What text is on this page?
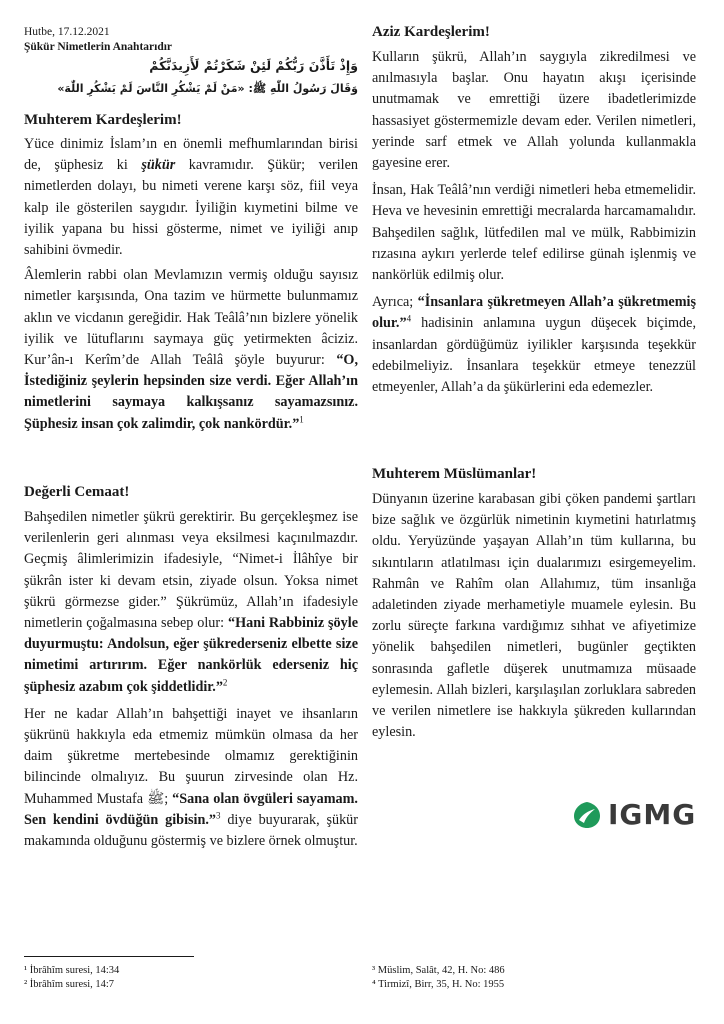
Hutbe, 17.12.2021
Şükür Nimetlerin Anahtarıdır
وَإِذْ تَأَذَّنَ رَبُّكُمْ لَئِنْ شَكَرْتُمْ لَأَزِيدَنَّكُمْ
وَقَالَ رَسُولُ اللّٰهِ ﷺ: «مَنْ لَمْ يَشْكُرِ النَّاسَ لَمْ يَشْكُرِ اللّٰهَ»
Muhterem Kardeşlerim!

Yüce dinimiz İslam’ın en önemli mefhumlarından birisi de, şüphesiz ki şükür kavramıdır. Şükür; verilen nimetlerden dolayı, bu nimeti verene karşı söz, fiil veya kalp ile gösterilen saygıdır. İyiliğin kıymetini bilme ve iyilik yapana bu hissi gösterme, nimet ve iyiliği anıp sahibini övmedir.

Âlemlerin rabbi olan Mevlamızın vermiş olduğu sayısız nimetler karşısında, Ona tazim ve hürmette bulunmamız aklın ve vicdanın gereğidir. Hak Teâlâ’nın bizlere yönelik iyilik ve lütuflarını saymaya güç yetirmekten âciziz. Kur’ân-ı Kerîm’de Allah Teâlâ şöyle buyurur: “O, İstediğiniz şeylerin hepsinden size verdi. Eğer Allah’ın nimetlerini saymaya kalkışsanız sayamazsınız. Şüphesiz insan çok zalimdir, çok nankördür.”$^1$

Değerli Cemaat!

Bahşedilen nimetler şükrü gerektirir. Bu gerçekleşmez ise verilenlerin geri alınması veya eksilmesi kaçınılmazdır. Geçmiş âlimlerimizin ifadesiyle, “Nimet-i İlâhîye bir şükrân ister ki devam etsin, ziyade olsun. Yoksa nimet şükrü görmezse gider.” Şükrümüz, Allah’ın ifadesiyle nimetlerin çoğalmasına sebep olur: “Hani Rabbiniz şöyle duyurmuştu: Andolsun, eğer şükrederseniz elbette size nimetimi artırırım. Eğer nankörlük ederseniz hiç şüphesiz azabım çok şiddetlidir.”$^2$

Her ne kadar Allah’ın bahşettiği inayet ve ihsanların şükrünü hakkıyla eda etmemiz mümkün olmasa da her daim şükretme mertebesinde olmamız gerektiğinin bilincinde olmalıyız. Bu şuurun zirvesinde olan Hz. Muhammed Mustafa ﷺ; “Sana olan övgüleri sayamam. Sen kendini övdüğün gibisin.”$^3$ diye buyurarak, şükür makamında olduğunu göstermiş ve bizlere örnek olmuştur.

Aziz Kardeşlerim!

Kulların şükrü, Allah’ın saygıyla zikredilmesi ve anılmasıyla başlar. Onu hayatın akışı içerisinde unutmamak ve emrettiği üzere ibadetlerimizde hassasiyet göstermemizle devam eder. Verilen nimetleri, yerinde sarf etmek ve Allah yolunda kullanmakla gayesine erer.

İnsan, Hak Teâlâ’nın verdiği nimetleri heba etmemelidir. Heva ve hevesinin emrettiği mecralarda harcamamalıdır. Bahşedilen sağlık, lütfedilen mal ve mülk, Rabbimizin rızasına aykırı yerlerde telef edilirse günah işlenmiş ve nankörlük edilmiş olur.

Ayrıca; “İnsanlara şükretmeyen Allah’a şükretmemiş olur.”$^4$ hadisinin anlamına uygun düşecek biçimde, insanlardan gördüğümüz iyilikler karşısında teşekkür edebilmeliyiz. İnsanlara teşekkür etmeye tenezzül etmeyenler, Allah’a da şükürlerini eda edemezler.

Muhterem Müslümanlar!

Dünyanın üzerine karabasan gibi çöken pandemi şartları bize sağlık ve özgürlük nimetinin kıymetini hatırlatmış oldu. Yeryüzünde yaşayan Allah’ın tüm kullarına, bu sıkıntıların atlatılması için dualarımızı esirgemeyelim. Rahmân ve Rahîm olan Allahımız, tüm insanlığa adaletinden ziyade merhametiyle muamele eylesin. Bu zorlu süreçte farkına vardığımız sıhhat ve afiyetimize yönelik bahşedilen nimetleri, bugünler geçtikten sonrasında gafletle düşerek unutmamıza müsaade eylemesin. Allah bizleri, karşılaşılan zorluklara sabreden ve verilen nimetlere ise hakkıyla şükreden kullarından eylesin.

IGMG
¹ İbrâhîm suresi, 14:34
² İbrâhîm suresi, 14:7
³ Müslim, Salât, 42, H. No: 486
⁴ Tirmizî, Birr, 35, H. No: 1955
